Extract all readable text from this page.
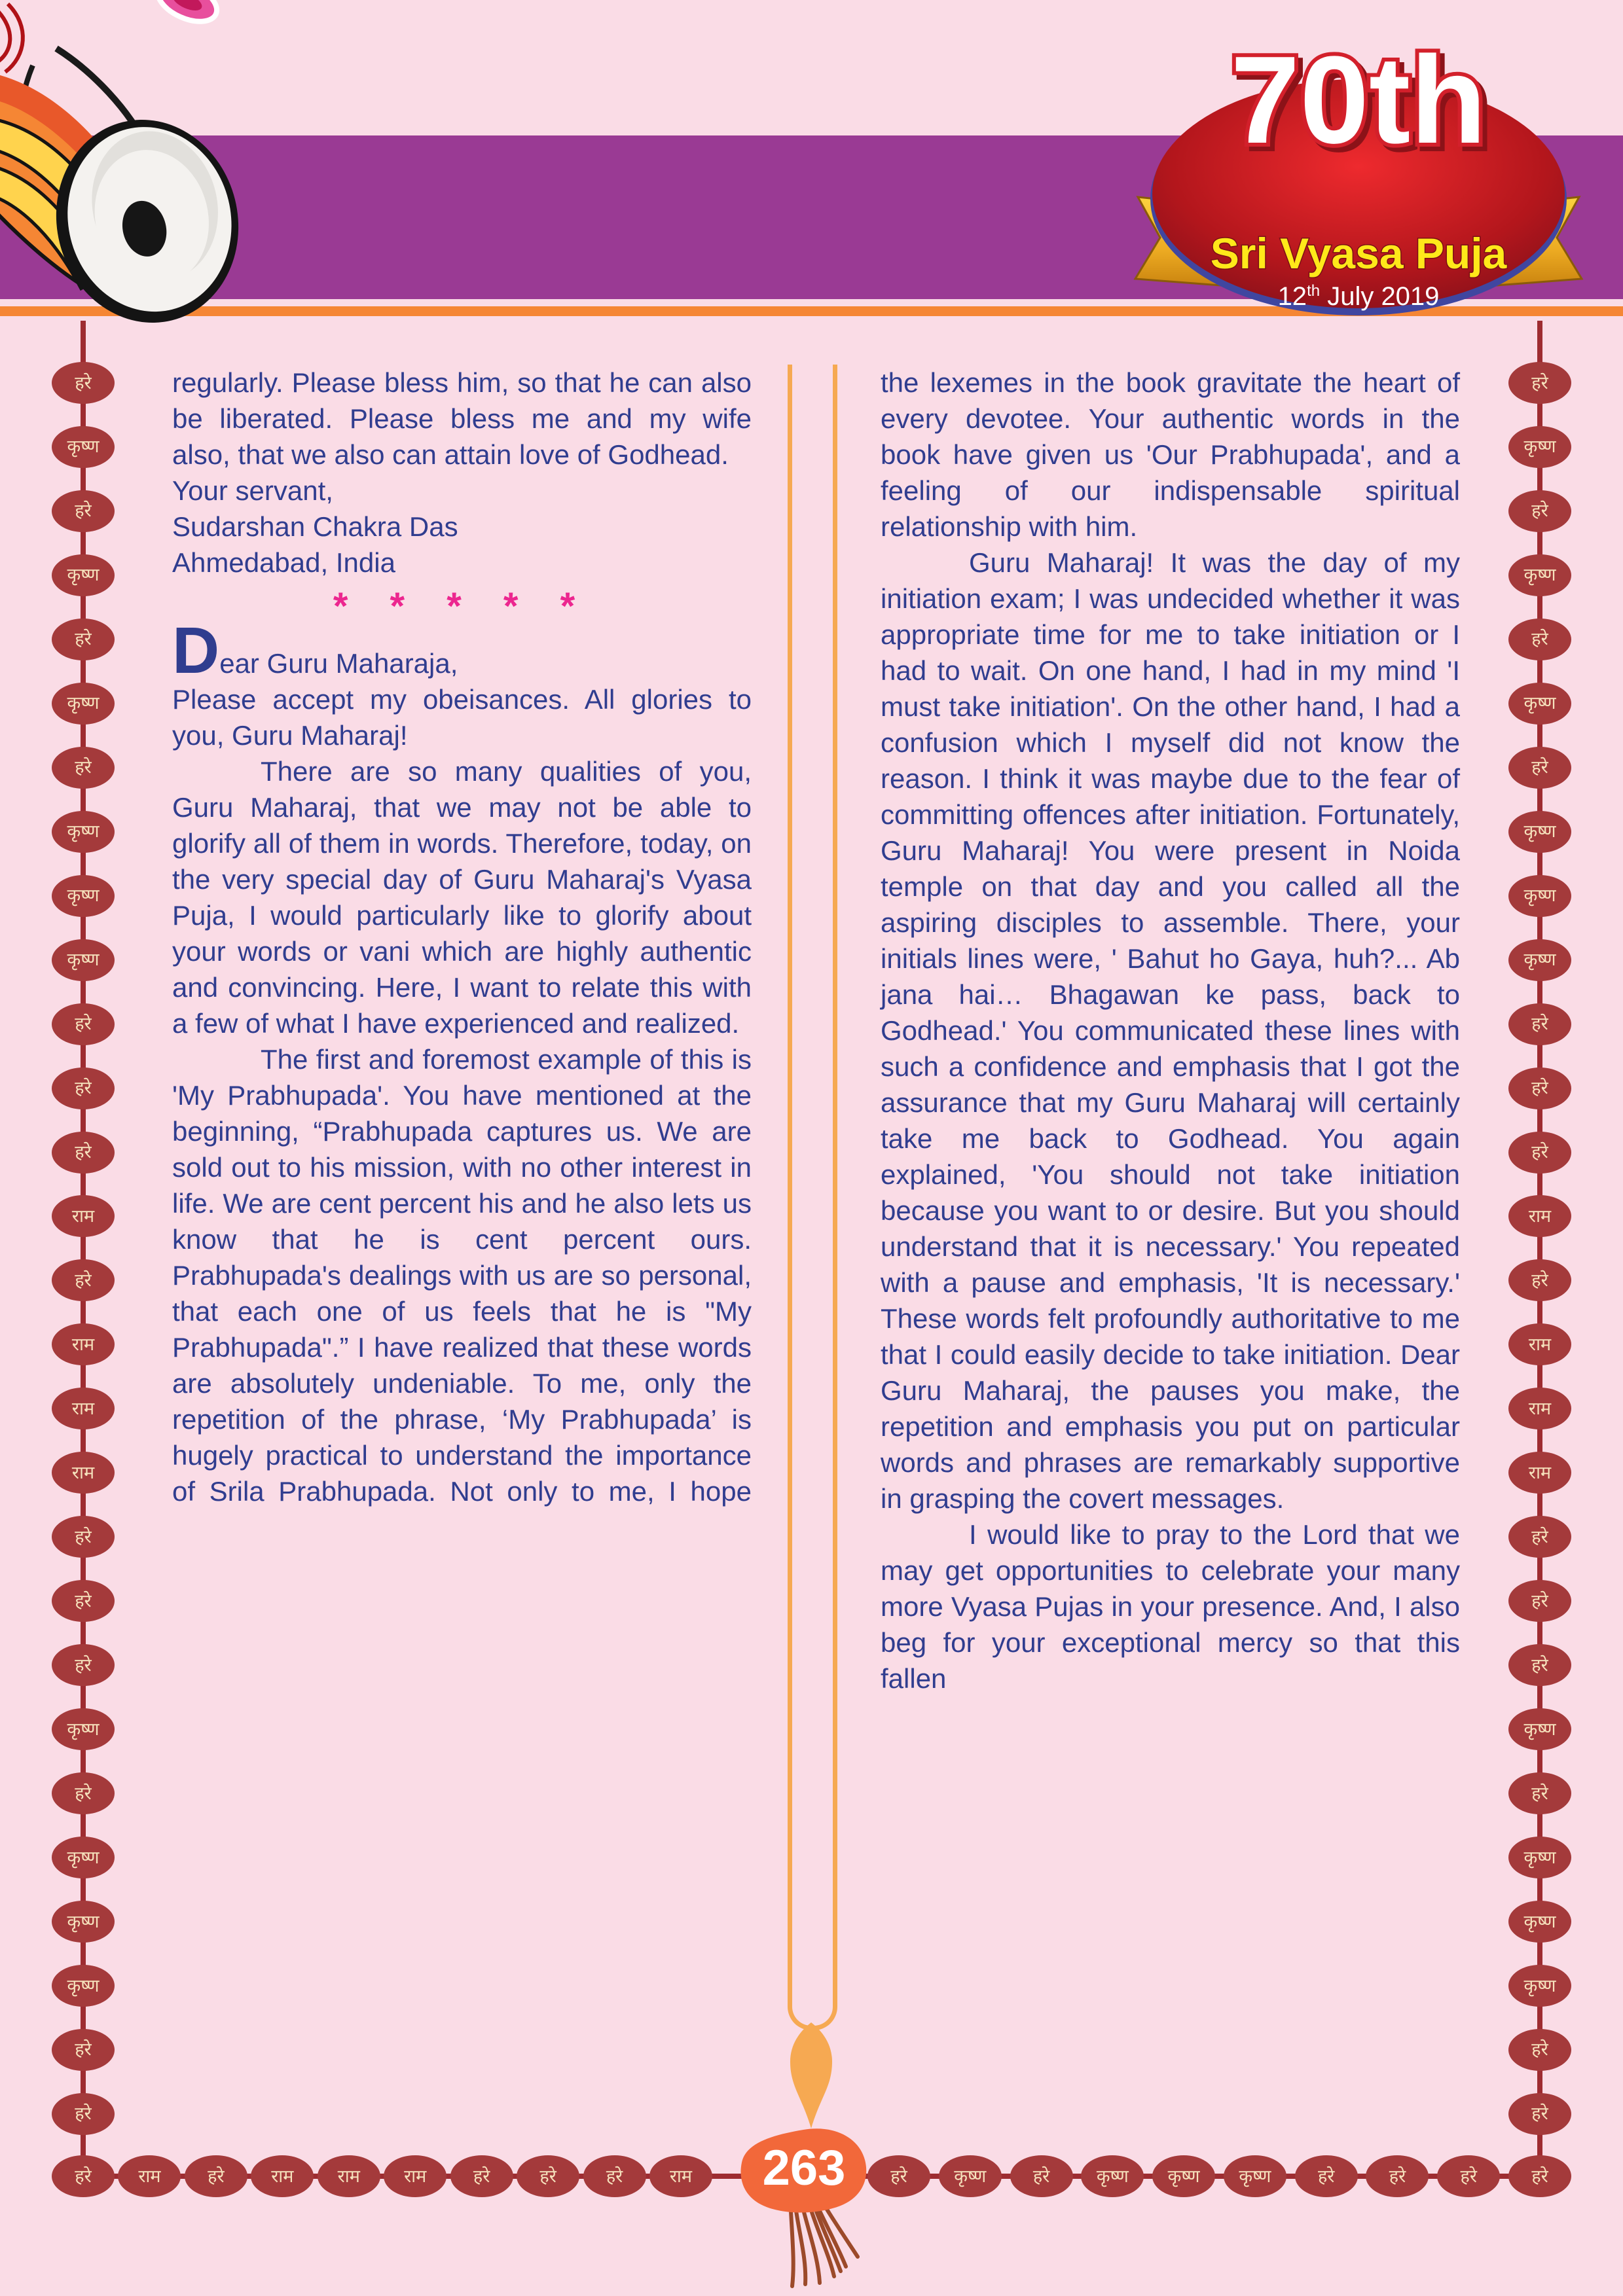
हरे
कृष्ण
हरे
कृष्ण
हरे
कृष्ण
हरे
कृष्ण
कृष्ण
कृष्ण
हरे
हरे
हरे
राम
हरे
राम
राम
राम
हरे
हरे
हरे
कृष्ण
हरे
कृष्ण
कृष्ण
कृष्ण
हरे
हरे
हरे
कृष्ण
हरे
कृष्ण
हरे
कृष्ण
हरे
कृष्ण
कृष्ण
कृष्ण
हरे
हरे
हरे
राम
हरे
राम
राम
राम
हरे
हरे
हरे
कृष्ण
हरे
कृष्ण
कृष्ण
कृष्ण
हरे
हरे
हरे	राम	हरे	राम राम राम	हरे	हरे	हरे	राम	हरे	कृष्ण	हरे	कृष्ण कृष्ण कृष्ण	हरे	हरे	हरे	हरे
70th
Sri Vyasa Puja
12th July 2019

regularly. Please bless him, so that he can also be liberated. Please bless me and my wife also, that we also can attain love of Godhead.

Your servant,

Sudarshan Chakra Das

Ahmedabad, India

* * * * *

Dear Guru Maharaja,

Please accept my obeisances. All glories to you, Guru Maharaj!

There are so many qualities of you, Guru Maharaj, that we may not be able to glorify all of them in words. Therefore, today, on the very special day of Guru Maharaj's Vyasa Puja, I would particularly like to glorify about your words or vani which are highly authentic and convincing. Here, I want to relate this with a few of what I have experienced and realized.

The first and foremost example of this is 'My Prabhupada'. You have mentioned at the beginning, “Prabhupada captures us. We are sold out to his mission, with no other interest in life. We are cent percent his and he also lets us know that he is cent percent ours. Prabhupada's dealings with us are so personal, that each one of us feels that he is "My Prabhupada".” I have realized that these words are absolutely undeniable. To me, only the repetition of the phrase, ‘My Prabhupada’ is hugely practical to understand the importance of Srila Prabhupada. Not only to me, I hope

the lexemes in the book gravitate the heart of every devotee. Your authentic words in the book have given us 'Our Prabhupada', and a feeling of our indispensable spiritual relationship with him.

Guru Maharaj! It was the day of my initiation exam; I was undecided whether it was appropriate time for me to take initiation or I had to wait. On one hand, I had in my mind 'I must take initiation'. On the other hand, I had a confusion which I myself did not know the reason. I think it was maybe due to the fear of committing offences after initiation. Fortunately, Guru Maharaj! You were present in Noida temple on that day and you called all the aspiring disciples to assemble. There, your initials lines were, ' Bahut ho Gaya, huh?... Ab jana hai… Bhagawan ke pass, back to Godhead.' You communicated these lines with such a confidence and emphasis that I got the assurance that my Guru Maharaj will certainly take me back to Godhead. You again explained, 'You should not take initiation because you want to or desire. But you should understand that it is necessary.' You repeated with a pause and emphasis, 'It is necessary.' These words felt profoundly authoritative to me that I could easily decide to take initiation. Dear Guru Maharaj, the pauses you make, the repetition and emphasis you put on particular words and phrases are remarkably supportive in grasping the covert messages.

I would like to pray to the Lord that we may get opportunities to celebrate your many more Vyasa Pujas in your presence. And, I also beg for your exceptional mercy so that this fallen

263
